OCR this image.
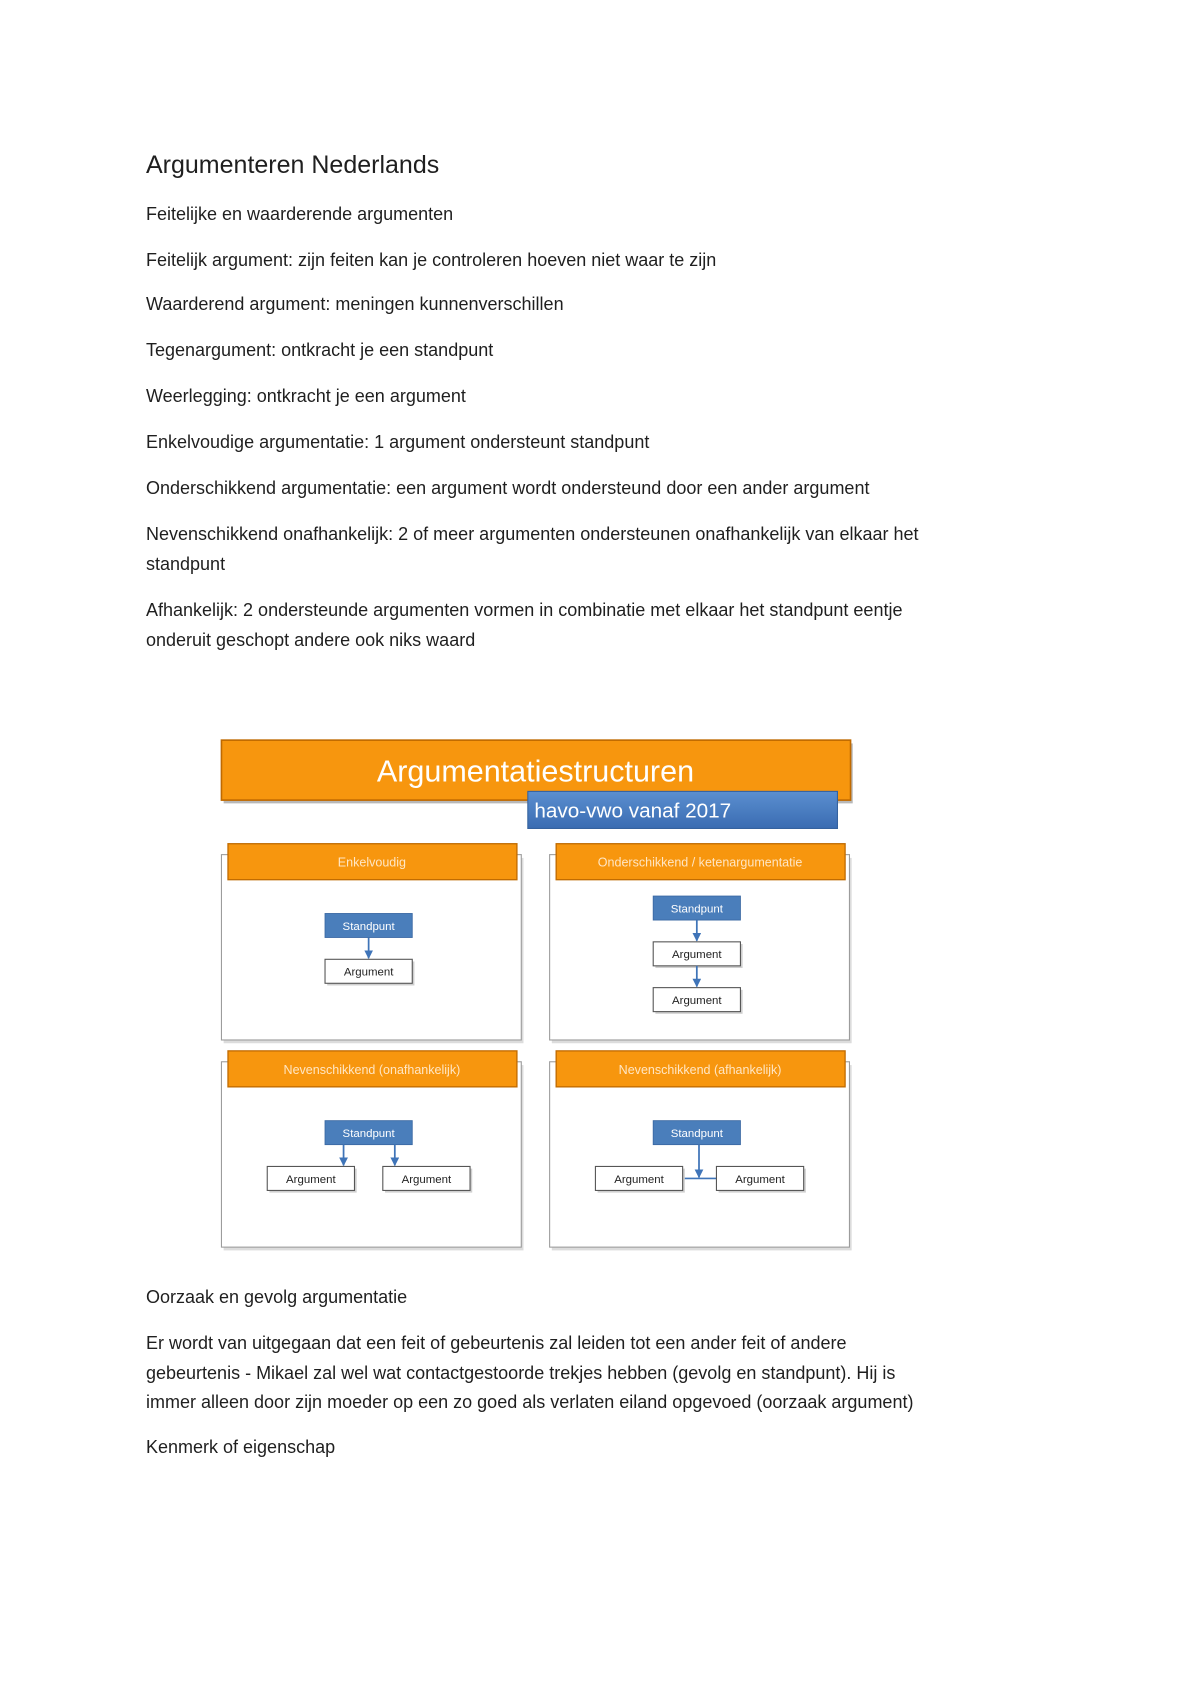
Argumenteren Nederlands

Feitelijke en waarderende argumenten

Feitelijk argument: zijn feiten kan je controleren hoeven niet waar te zijn

Waarderend argument: meningen kunnenverschillen

Tegenargument: ontkracht je een standpunt

Weerlegging: ontkracht je een argument

Enkelvoudige argumentatie: 1 argument ondersteunt standpunt

Onderschikkend argumentatie: een argument wordt ondersteund door een ander argument

Nevenschikkend onafhankelijk: 2 of meer argumenten ondersteunen onafhankelijk van elkaar het
standpunt

Afhankelijk: 2 ondersteunde argumenten vormen in combinatie met elkaar het standpunt eentje
onderuit geschopt andere ook niks waard

Argumentatiestructuren
havo-vwo vanaf 2017
Enkelvoudig
Standpunt
Argument
Onderschikkend / ketenargumentatie
Standpunt
Argument
Argument
Nevenschikkend (onafhankelijk)
Standpunt
Argument	Argument
Nevenschikkend (afhankelijk)
Standpunt
Argument	Argument

Oorzaak en gevolg argumentatie

Er wordt van uitgegaan dat een feit of gebeurtenis zal leiden tot een ander feit of andere
gebeurtenis - Mikael zal wel wat contactgestoorde trekjes hebben (gevolg en standpunt). Hij is
immer alleen door zijn moeder op een zo goed als verlaten eiland opgevoed (oorzaak argument)

Kenmerk of eigenschap
